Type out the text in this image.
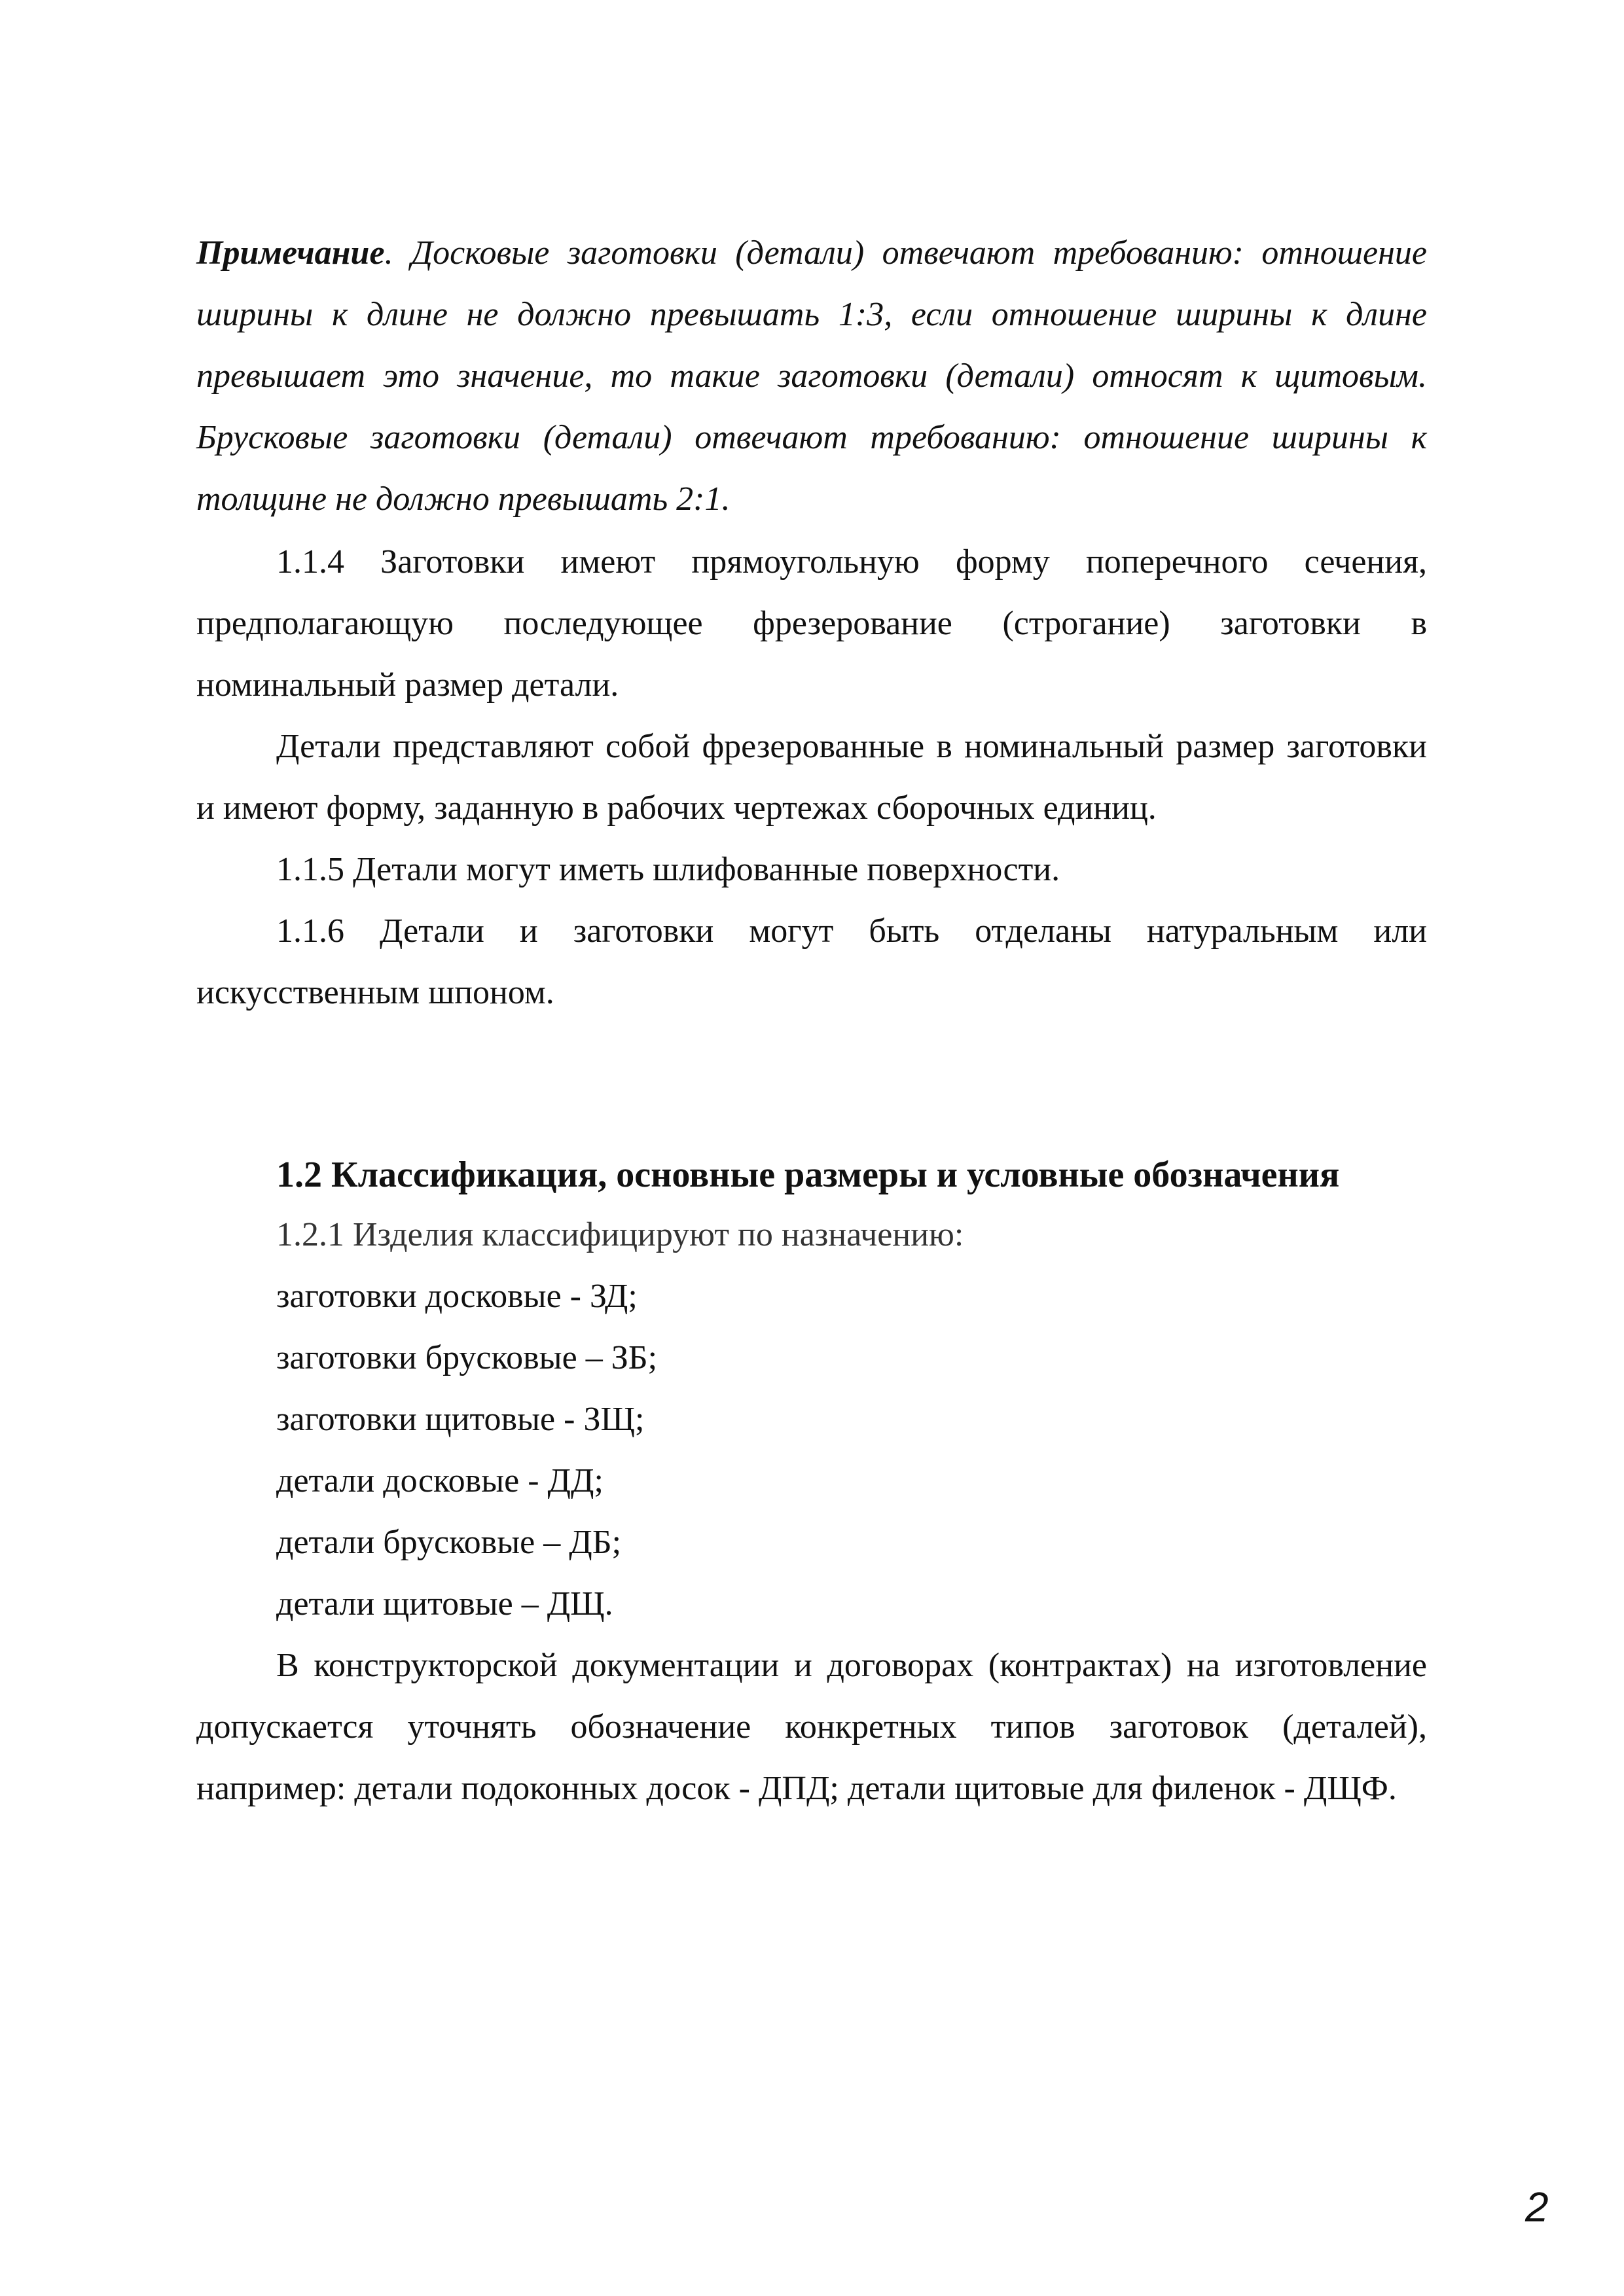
Примечание. Досковые заготовки (детали) отвечают требованию: отношение ширины к длине не должно превышать 1:3, если отношение ширины к длине превышает это значение, то такие заготовки (детали) относят к щитовым. Брусковые заготовки (детали) отвечают требованию: отношение ширины к толщине не должно превышать 2:1.

1.1.4 Заготовки имеют прямоугольную форму поперечного сечения, предполагающую последующее фрезерование (строгание) заготовки в номинальный размер детали.

Детали представляют собой фрезерованные в номинальный размер заготовки и имеют форму, заданную в рабочих чертежах сборочных единиц.

1.1.5 Детали могут иметь шлифованные поверхности.

1.1.6 Детали и заготовки могут быть отделаны натуральным или искусственным шпоном.

1.2 Классификация, основные размеры и условные обозначения
1.2.1 Изделия классифицируют по назначению:
заготовки досковые - ЗД;
заготовки брусковые – ЗБ;
заготовки щитовые - ЗЩ;
детали досковые - ДД;
детали брусковые – ДБ;
детали щитовые – ДЩ.
В конструкторской документации и договорах (контрактах) на изготовление допускается уточнять обозначение конкретных типов заготовок (деталей), например: детали подоконных досок - ДПД; детали щитовые для филенок - ДЩФ.

2
